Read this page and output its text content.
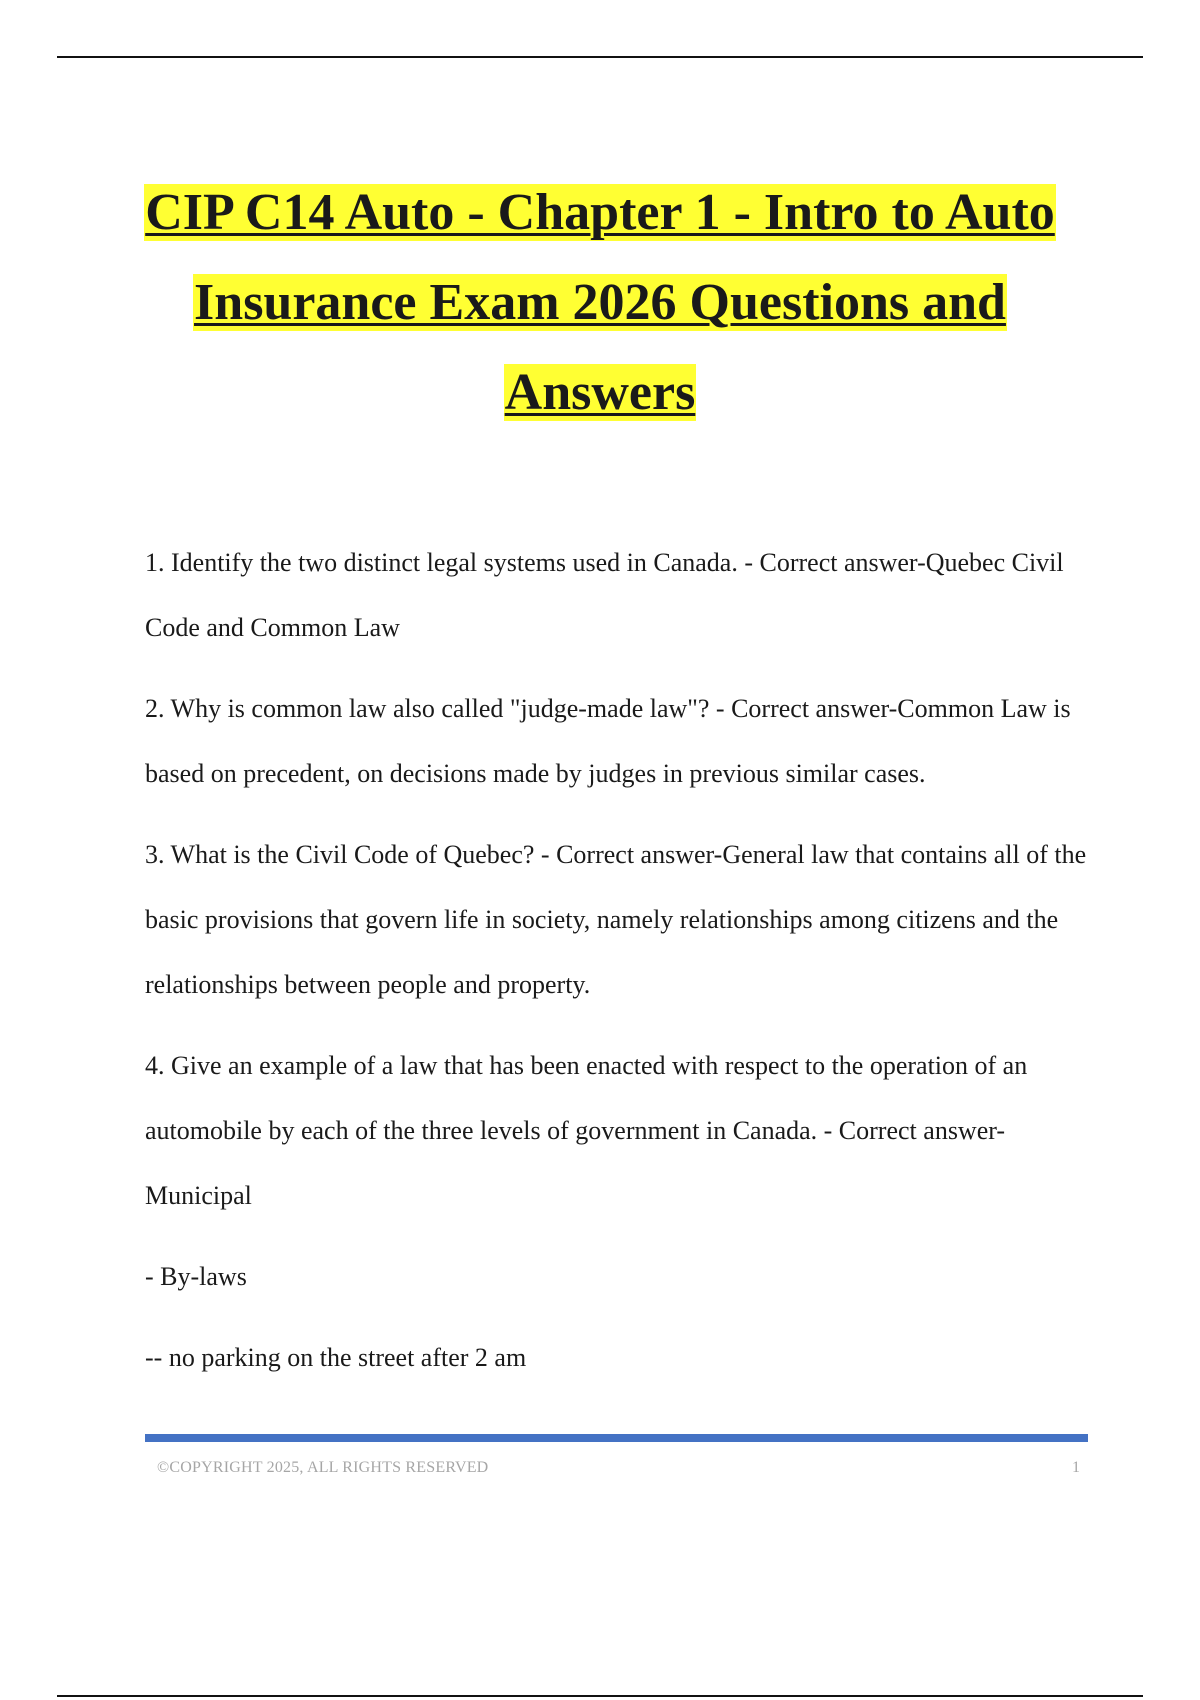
CIP C14 Auto - Chapter 1 - Intro to Auto
Insurance Exam 2026 Questions and
Answers

1. Identify the two distinct legal systems used in Canada. - Correct answer-Quebec Civil Code and Common Law

2. Why is common law also called "judge-made law"? - Correct answer-Common Law is based on precedent, on decisions made by judges in previous similar cases.

3. What is the Civil Code of Quebec? - Correct answer-General law that contains all of the basic provisions that govern life in society, namely relationships among citizens and the relationships between people and property.

4. Give an example of a law that has been enacted with respect to the operation of an automobile by each of the three levels of government in Canada. - Correct answer-Municipal

- By-laws

-- no parking on the street after 2 am

©COPYRIGHT 2025, ALL RIGHTS RESERVED	1
